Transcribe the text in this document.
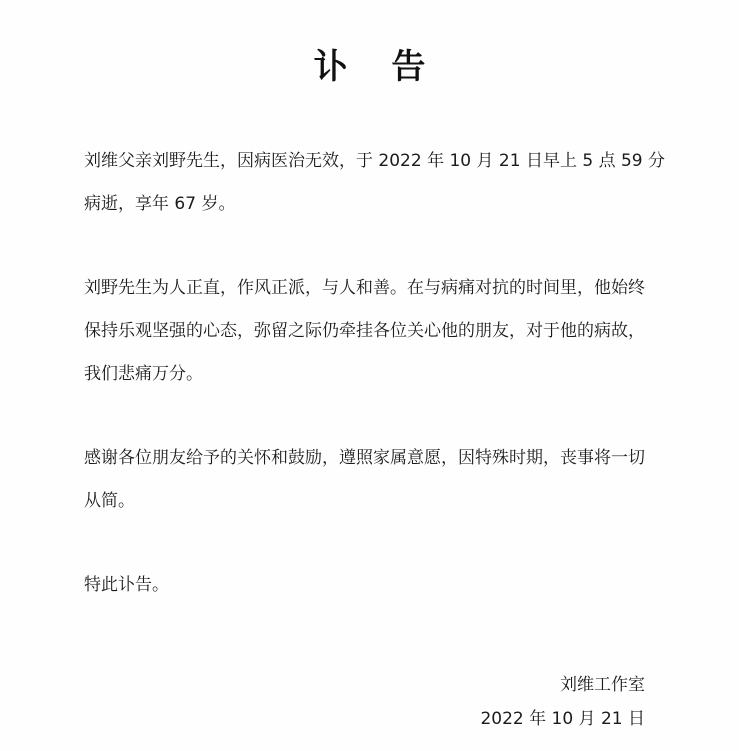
讣 告
刘维父亲刘野先生，因病医治无效，于 2022 年 10 月 21 日早上 5 点 59 分
病逝，享年 67 岁。
刘野先生为人正直，作风正派，与人和善。在与病痛对抗的时间里，他始终
保持乐观坚强的心态，弥留之际仍牵挂各位关心他的朋友，对于他的病故，
我们悲痛万分。
感谢各位朋友给予的关怀和鼓励，遵照家属意愿，因特殊时期，丧事将一切
从简。
特此讣告。
刘维工作室
2022 年 10 月 21 日
